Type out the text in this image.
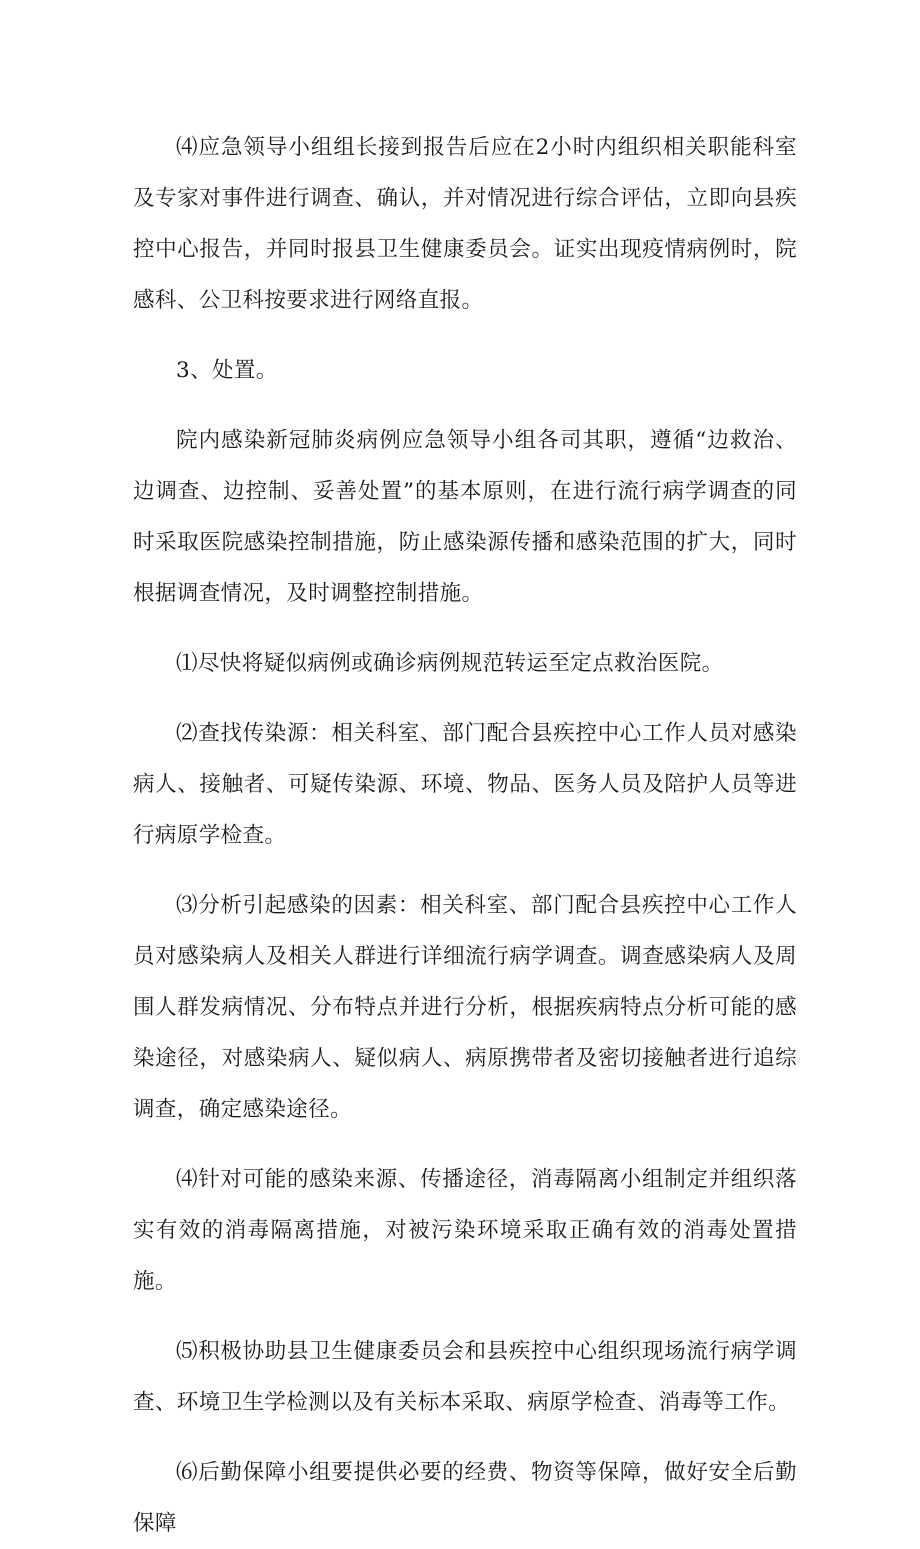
⑷应急领导小组组长接到报告后应在2小时内组织相关职能科室及专家对事件进行调查、确认，并对情况进行综合评估，立即向县疾控中心报告，并同时报县卫生健康委员会。证实出现疫情病例时，院感科、公卫科按要求进行网络直报。

3、处置。

院内感染新冠肺炎病例应急领导小组各司其职，遵循“边救治、边调查、边控制、妥善处置”的基本原则，在进行流行病学调查的同时采取医院感染控制措施，防止感染源传播和感染范围的扩大，同时根据调查情况，及时调整控制措施。

⑴尽快将疑似病例或确诊病例规范转运至定点救治医院。

⑵查找传染源：相关科室、部门配合县疾控中心工作人员对感染病人、接触者、可疑传染源、环境、物品、医务人员及陪护人员等进行病原学检查。

⑶分析引起感染的因素：相关科室、部门配合县疾控中心工作人员对感染病人及相关人群进行详细流行病学调查。调查感染病人及周围人群发病情况、分布特点并进行分析，根据疾病特点分析可能的感染途径，对感染病人、疑似病人、病原携带者及密切接触者进行追综调查，确定感染途径。

⑷针对可能的感染来源、传播途径，消毒隔离小组制定并组织落实有效的消毒隔离措施，对被污染环境采取正确有效的消毒处置措施。

⑸积极协助县卫生健康委员会和县疾控中心组织现场流行病学调查、环境卫生学检测以及有关标本采取、病原学检查、消毒等工作。

⑹后勤保障小组要提供必要的经费、物资等保障，做好安全后勤保障
